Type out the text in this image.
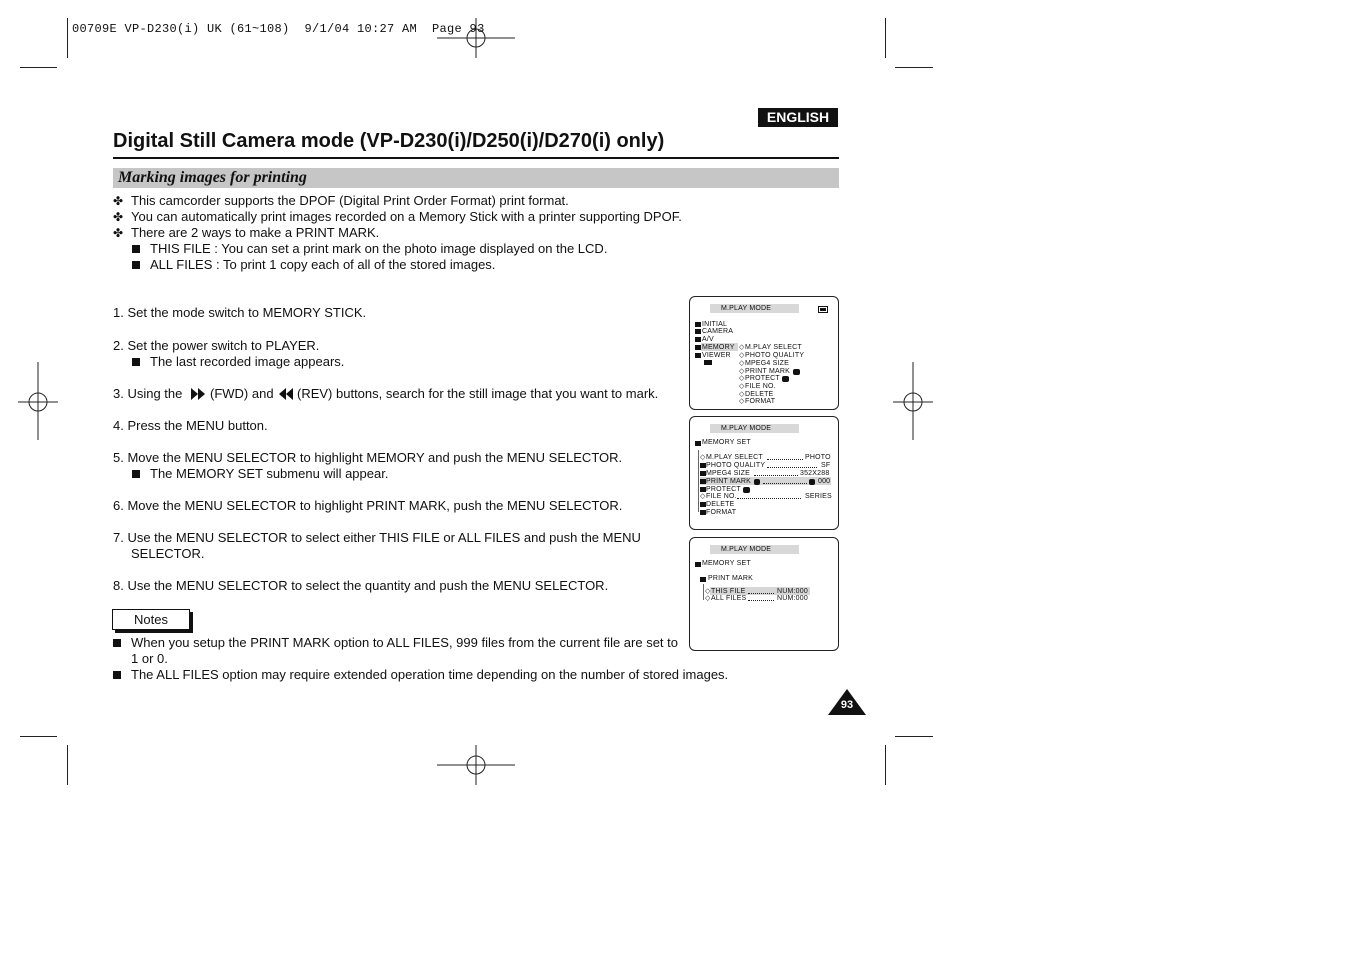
00709E VP-D230(i) UK (61~108)  9/1/04 10:27 AM  Page 93
ENGLISH
Digital Still Camera mode (VP-D230(i)/D250(i)/D270(i) only)
Marking images for printing
✤ This camcorder supports the DPOF (Digital Print Order Format) print format.
✤ You can automatically print images recorded on a Memory Stick with a printer supporting DPOF.
✤ There are 2 ways to make a PRINT MARK.
THIS FILE : You can set a print mark on the photo image displayed on the LCD.
ALL FILES : To print 1 copy each of all of the stored images.
1. Set the mode switch to MEMORY STICK.
2. Set the power switch to PLAYER.
The last recorded image appears.
3. Using the (FWD) and (REV) buttons, search for the still image that you want to mark.
4. Press the MENU button.
5. Move the MENU SELECTOR to highlight MEMORY and push the MENU SELECTOR.
The MEMORY SET submenu will appear.
6. Move the MENU SELECTOR to highlight PRINT MARK, push the MENU SELECTOR.
7. Use the MENU SELECTOR to select either THIS FILE or ALL FILES and push the MENU
SELECTOR.
8. Use the MENU SELECTOR to select the quantity and push the MENU SELECTOR.
Notes
When you setup the PRINT MARK option to ALL FILES, 999 files from the current file are set to
1 or 0.
The ALL FILES option may require extended operation time depending on the number of stored images.
M.PLAY MODE
INITIAL
CAMERA
A/V
MEMORY
VIEWER
◇ M.PLAY SELECT
◇ PHOTO QUALITY
◇ MPEG4 SIZE
◇ PRINT MARK
◇ PROTECT
◇ FILE NO.
◇ DELETE
◇ FORMAT
M.PLAY MODE
MEMORY SET
◇ M.PLAY SELECT	PHOTO
PHOTO QUALITY	SF
MPEG4 SIZE	352X288
PRINT MARK	000
PROTECT
◇ FILE NO.	SERIES
DELETE
FORMAT
M.PLAY MODE
MEMORY SET
PRINT MARK
◇ THIS FILE	NUM:000
◇ ALL FILES	NUM:000
93
